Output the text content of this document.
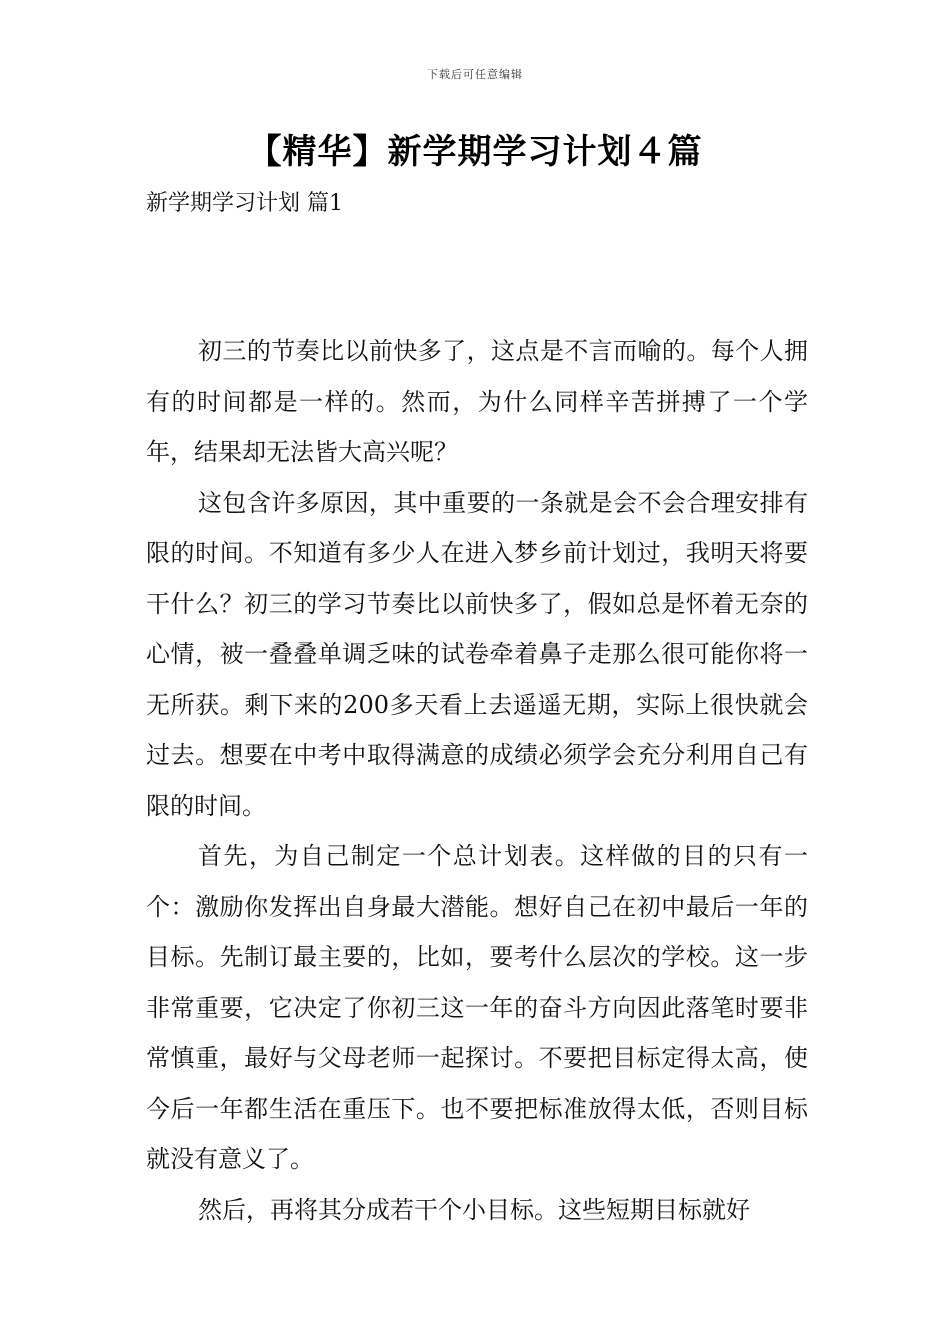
下载后可任意编辑
【精华】新学期学习计划４篇
新学期学习计划 篇1

初三的节奏比以前快多了，这点是不言而喻的。每个人拥有的时间都是一样的。然而，为什么同样辛苦拼搏了一个学年，结果却无法皆大高兴呢？

这包含许多原因，其中重要的一条就是会不会合理安排有限的时间。不知道有多少人在进入梦乡前计划过，我明天将要干什么？初三的学习节奏比以前快多了，假如总是怀着无奈的心情，被一叠叠单调乏味的试卷牵着鼻子走那么很可能你将一无所获。剩下来的200多天看上去遥遥无期，实际上很快就会过去。想要在中考中取得满意的成绩必须学会充分利用自己有限的时间。

首先，为自己制定一个总计划表。这样做的目的只有一个：激励你发挥出自身最大潜能。想好自己在初中最后一年的目标。先制订最主要的，比如，要考什么层次的学校。这一步非常重要，它决定了你初三这一年的奋斗方向因此落笔时要非常慎重，最好与父母老师一起探讨。不要把目标定得太高，使今后一年都生活在重压下。也不要把标准放得太低，否则目标就没有意义了。

然后，再将其分成若干个小目标。这些短期目标就好
